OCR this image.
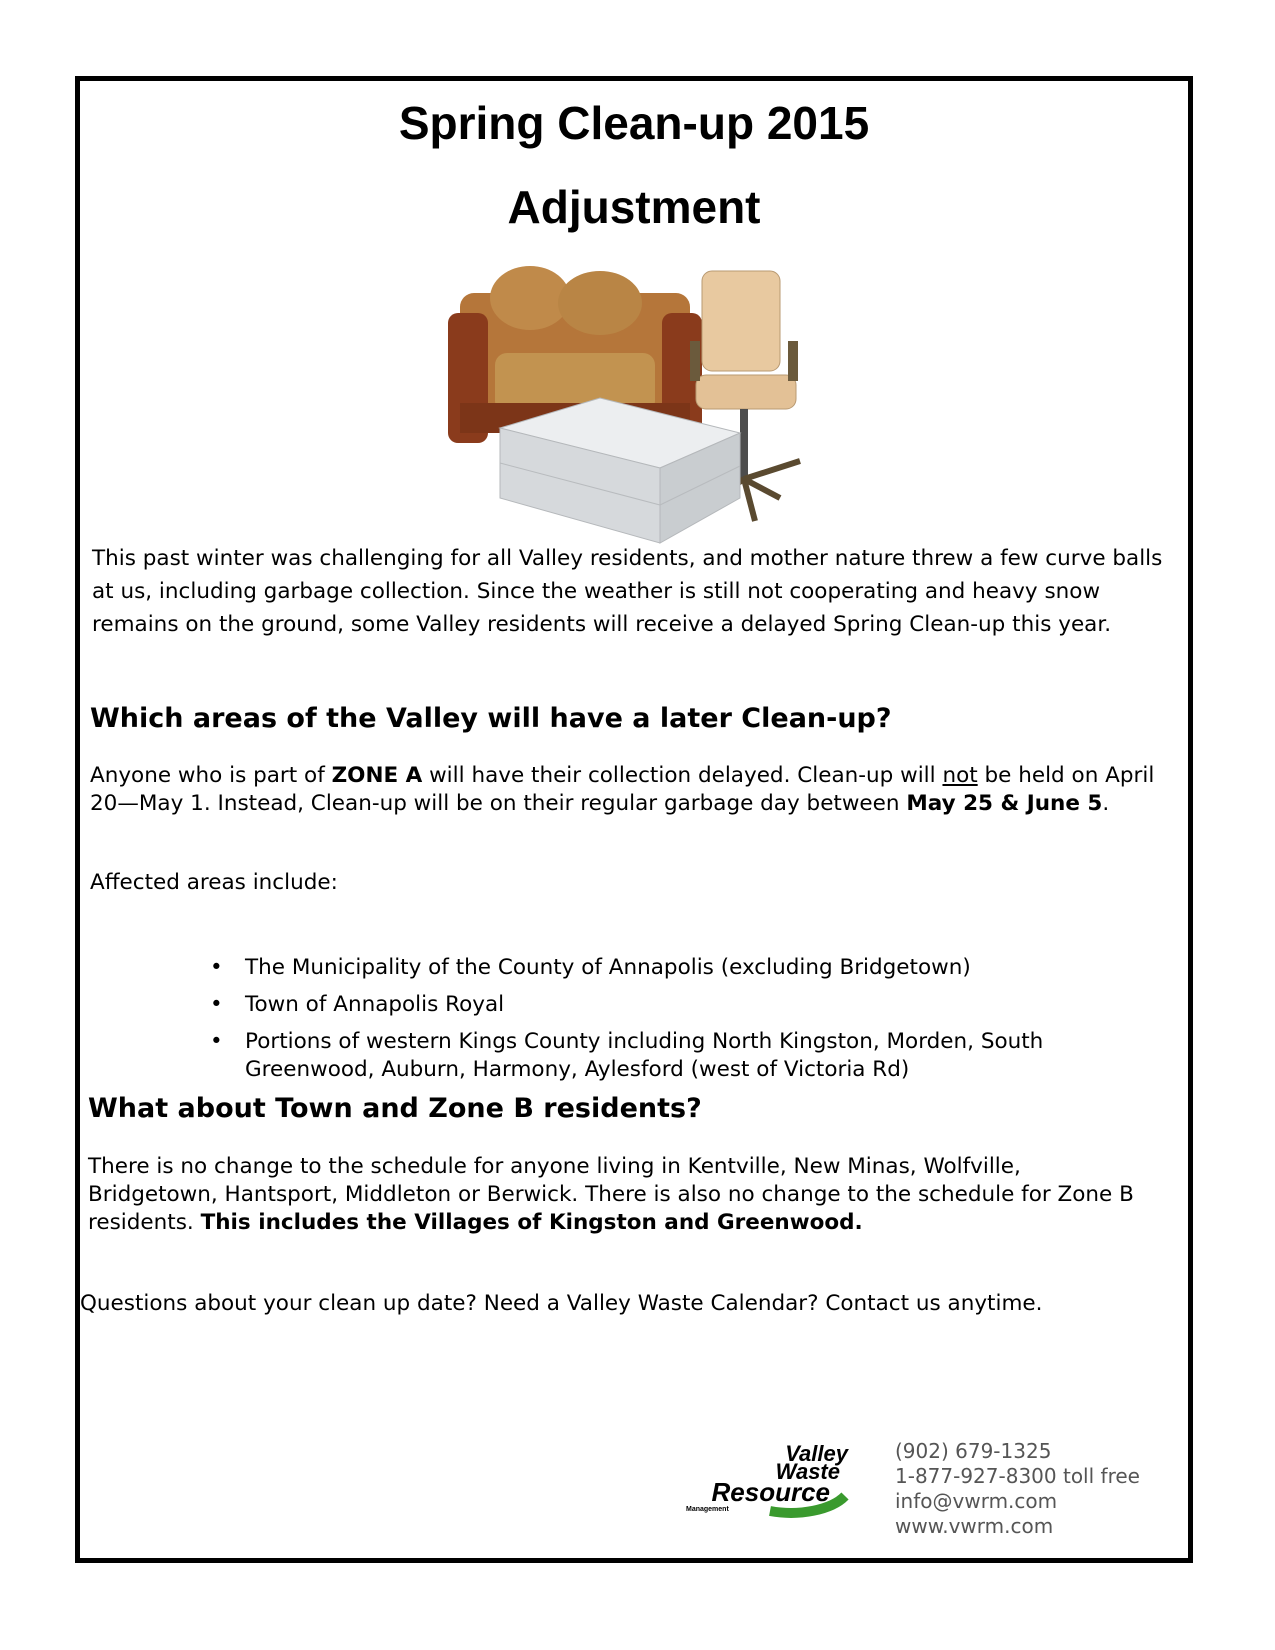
Spring Clean-up 2015
Adjustment

This past winter was challenging for all Valley residents, and mother nature threw a few curve balls at us, including garbage collection. Since the weather is still not cooperating and heavy snow remains on the ground, some Valley residents will receive a delayed Spring Clean-up this year.

Which areas of the Valley will have a later Clean-up?

Anyone who is part of ZONE A will have their collection delayed. Clean-up will not be held on April 20—May 1. Instead, Clean-up will be on their regular garbage day between May 25 & June 5.

Affected areas include:

• The Municipality of the County of Annapolis (excluding Bridgetown)
• Town of Annapolis Royal
• Portions of western Kings County including North Kingston, Morden, South Greenwood, Auburn, Harmony, Aylesford (west of Victoria Rd)

What about Town and Zone B residents?

There is no change to the schedule for anyone living in Kentville, New Minas, Wolfville, Bridgetown, Hantsport, Middleton or Berwick. There is also no change to the schedule for Zone B residents. This includes the Villages of Kingston and Greenwood.

Questions about your clean up date? Need a Valley Waste Calendar? Contact us anytime.

Valley
Waste
Resource
Management
(902) 679-1325
1-877-927-8300 toll free
info@vwrm.com
www.vwrm.com
